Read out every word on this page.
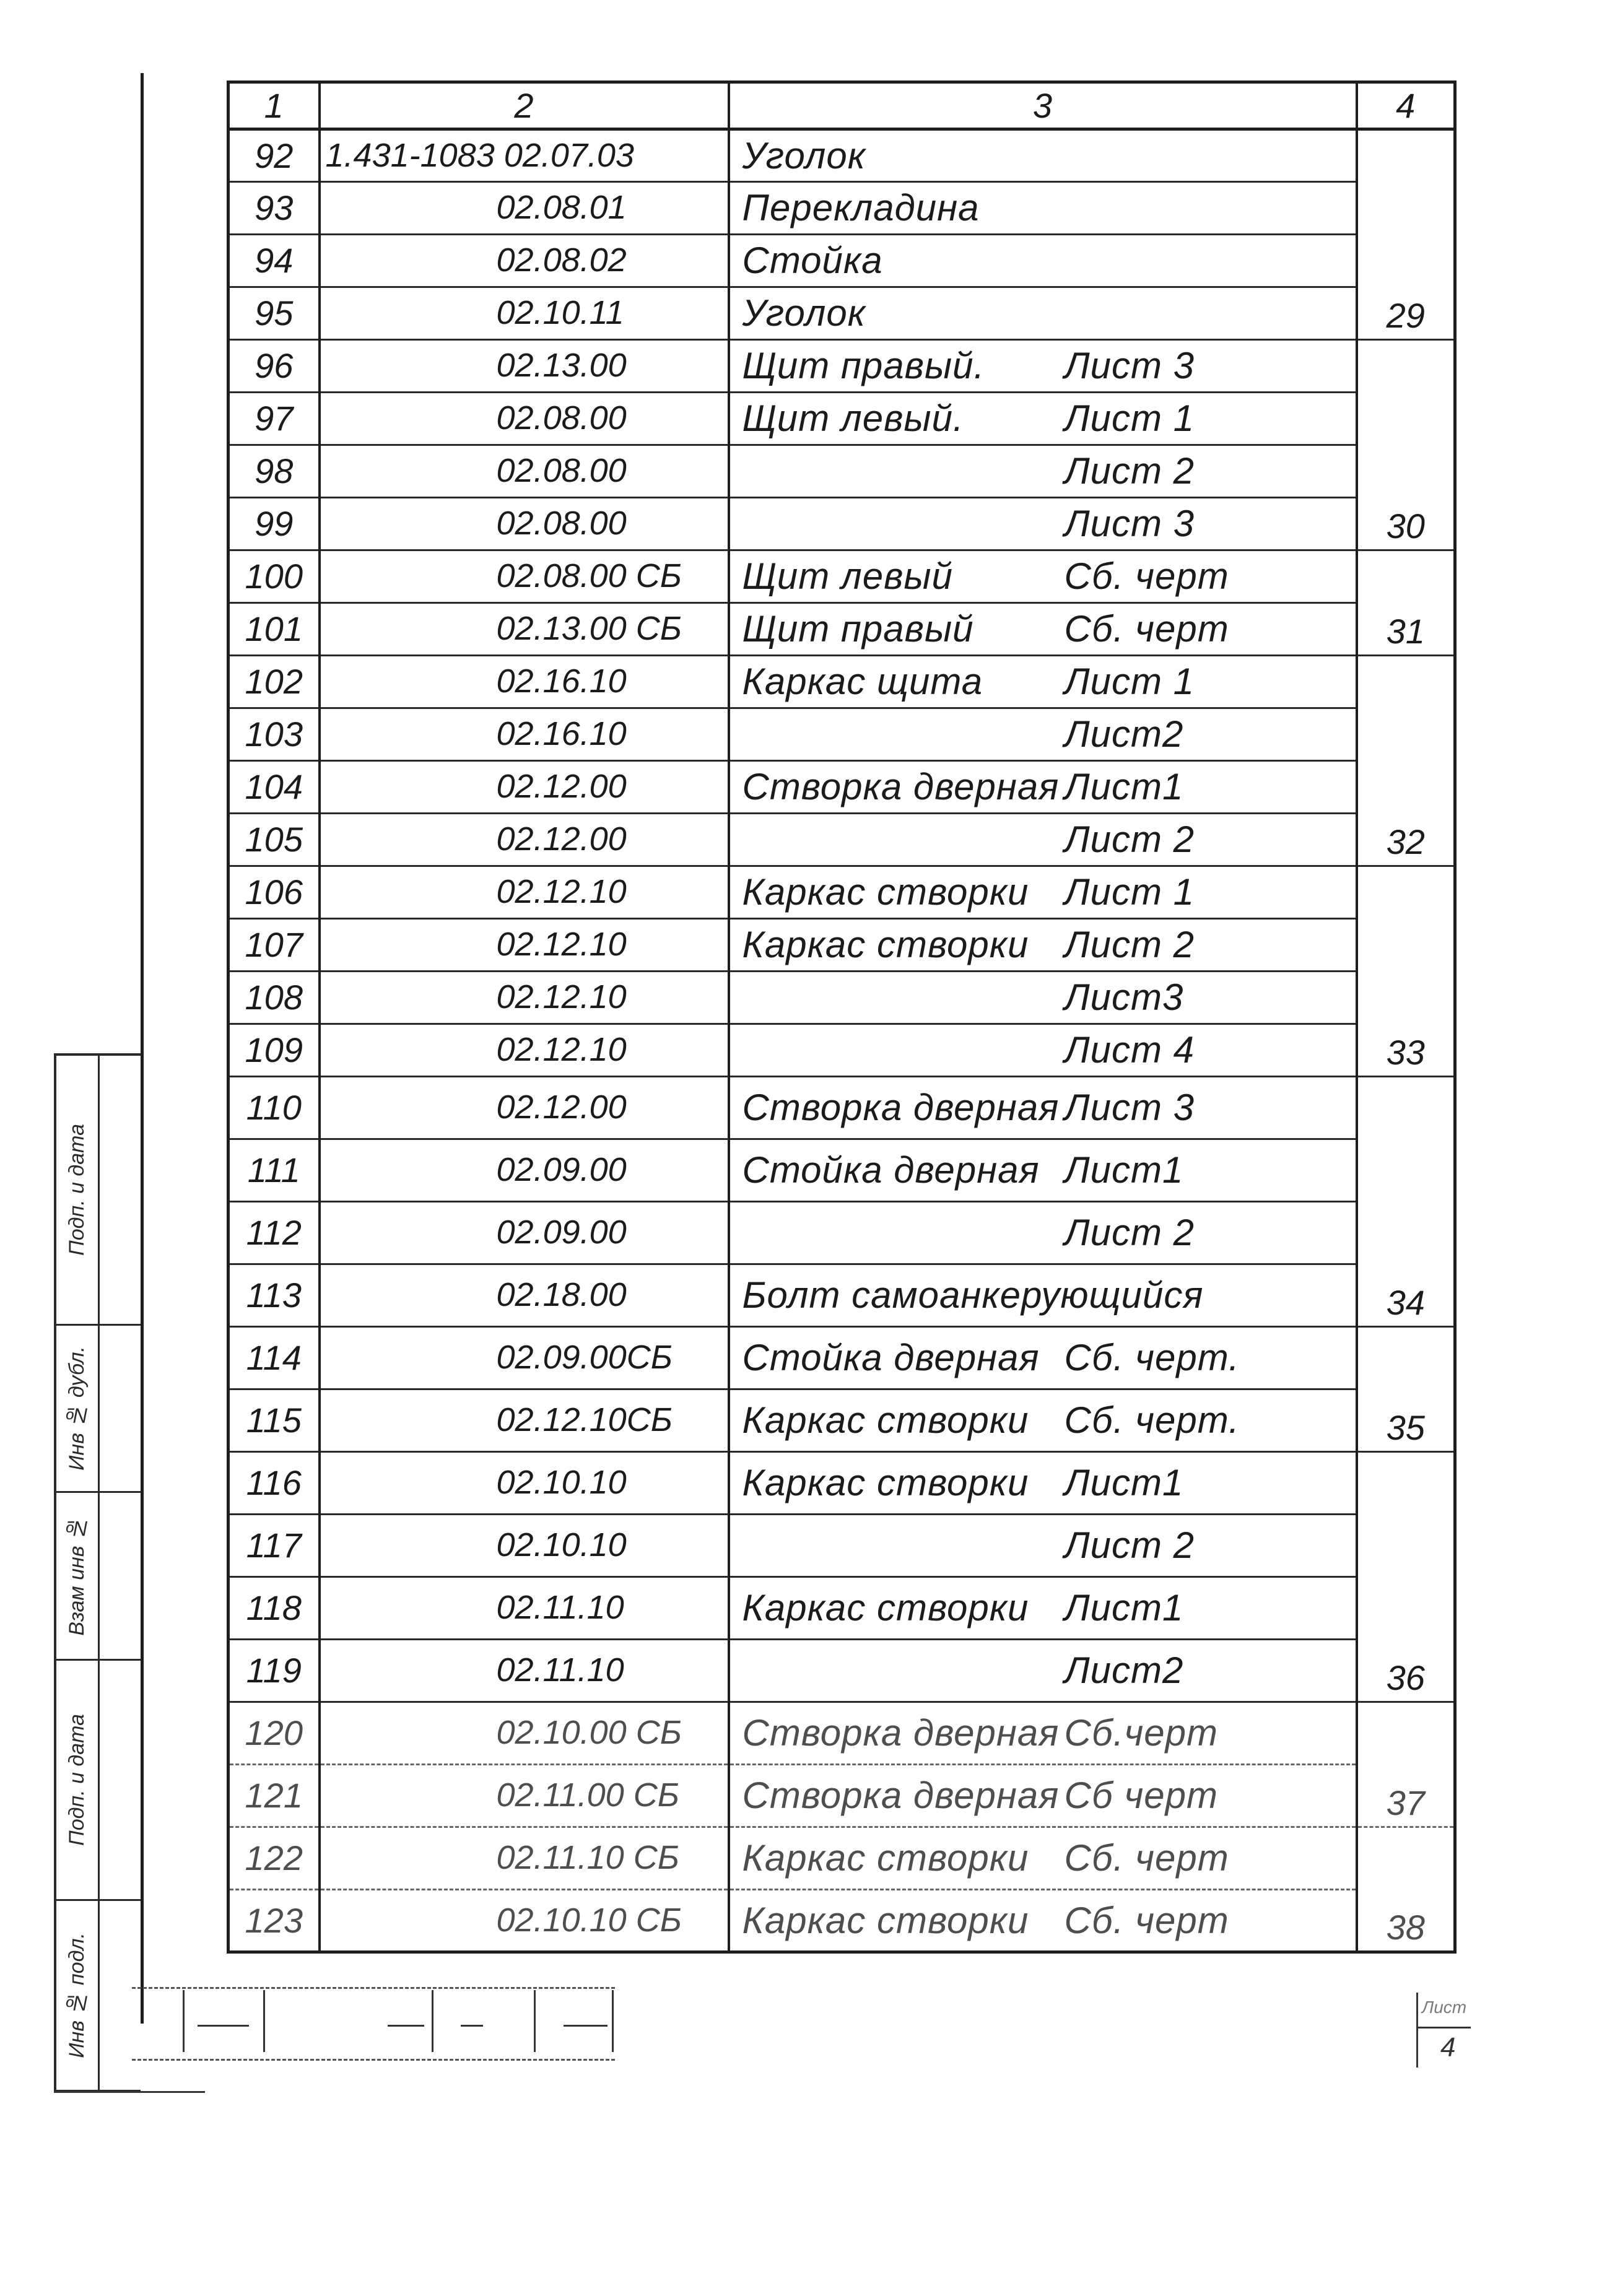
Подп. и дата
Инв № дубл.
Взам инв №
Подп. и дата
Инв № подл.
1	2	3	4
92	1.431-1083 02.07.03	Уголок	29
93	02.08.01	Перекладина	
94	02.08.02	Стойка	
95	02.10.11	Уголок	
96	02.13.00	Щит правый. Лист 3	30
97	02.08.00	Щит левый. Лист 1	
98	02.08.00	Лист 2	
99	02.08.00	Лист 3	
100	02.08.00 СБ	Щит левый Сб. черт	31
101	02.13.00 СБ	Щит правый Сб. черт	
102	02.16.10	Каркас щита Лист 1	32
103	02.16.10	Лист2	
104	02.12.00	Створка дверная Лист1	
105	02.12.00	Лист 2	
106	02.12.10	Каркас створки Лист 1	33
107	02.12.10	Каркас створки Лист 2	
108	02.12.10	Лист3	
109	02.12.10	Лист 4	
110	02.12.00	Створка дверная Лист 3	34
111	02.09.00	Стойка дверная Лист1	
112	02.09.00	Лист 2	
113	02.18.00	Болт самоанкерующийся	
114	02.09.00СБ	Стойка дверная Сб. черт.	35
115	02.12.10СБ	Каркас створки Сб. черт.	
116	02.10.10	Каркас створки Лист1	36
117	02.10.10	Лист 2	
118	02.11.10	Каркас створки Лист1	
119	02.11.10	Лист2	
120	02.10.00 СБ	Створка дверная Сб.черт	37
121	02.11.00 СБ	Створка дверная Сб черт	
122	02.11.10 СБ	Каркас створки Сб. черт	38
123	02.10.10 СБ	Каркас створки Сб. черт	
Лист
4
